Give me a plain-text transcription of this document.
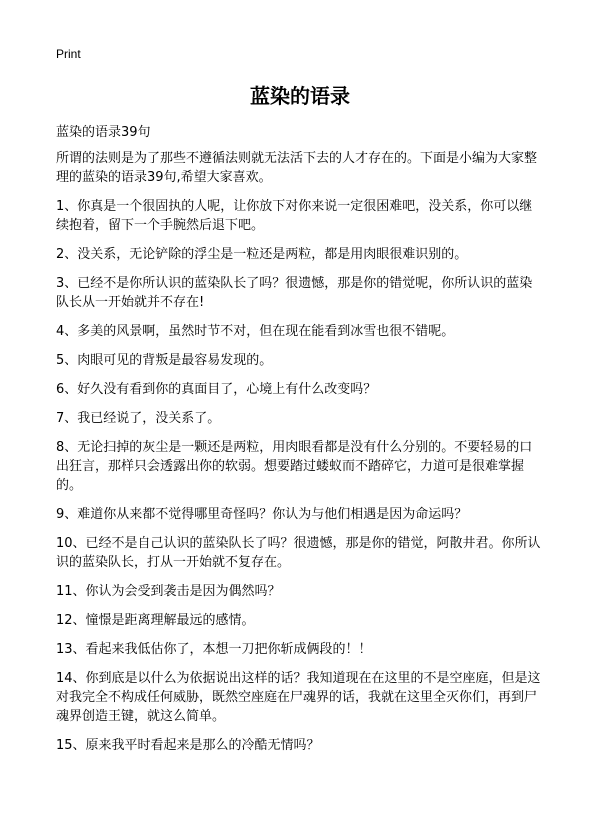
Print
蓝染的语录

蓝染的语录39句

所谓的法则是为了那些不遵循法则就无法活下去的人才存在的。下面是小编为大家整理的蓝染的语录39句,希望大家喜欢。

1、你真是一个很固执的人呢，让你放下对你来说一定很困难吧，没关系，你可以继续抱着，留下一个手腕然后退下吧。

2、没关系，无论铲除的浮尘是一粒还是两粒，都是用肉眼很难识别的。

3、已经不是你所认识的蓝染队长了吗？很遗憾，那是你的错觉呢，你所认识的蓝染队长从一开始就并不存在!

4、多美的风景啊，虽然时节不对，但在现在能看到冰雪也很不错呢。

5、肉眼可见的背叛是最容易发现的。

6、好久没有看到你的真面目了，心境上有什么改变吗？

7、我已经说了，没关系了。

8、无论扫掉的灰尘是一颗还是两粒，用肉眼看都是没有什么分别的。不要轻易的口出狂言，那样只会透露出你的软弱。想要踏过蝼蚁而不踏碎它，力道可是很难掌握的。

9、难道你从来都不觉得哪里奇怪吗？你认为与他们相遇是因为命运吗？

10、已经不是自己认识的蓝染队长了吗？很遗憾，那是你的错觉，阿散井君。你所认识的蓝染队长，打从一开始就不复存在。

11、你认为会受到袭击是因为偶然吗？

12、憧憬是距离理解最远的感情。

13、看起来我低估你了，本想一刀把你斩成俩段的！！

14、你到底是以什么为依据说出这样的话？我知道现在在这里的不是空座庭，但是这对我完全不构成任何威胁，既然空座庭在尸魂界的话，我就在这里全灭你们，再到尸魂界创造王键，就这么简单。

15、原来我平时看起来是那么的冷酷无情吗？
